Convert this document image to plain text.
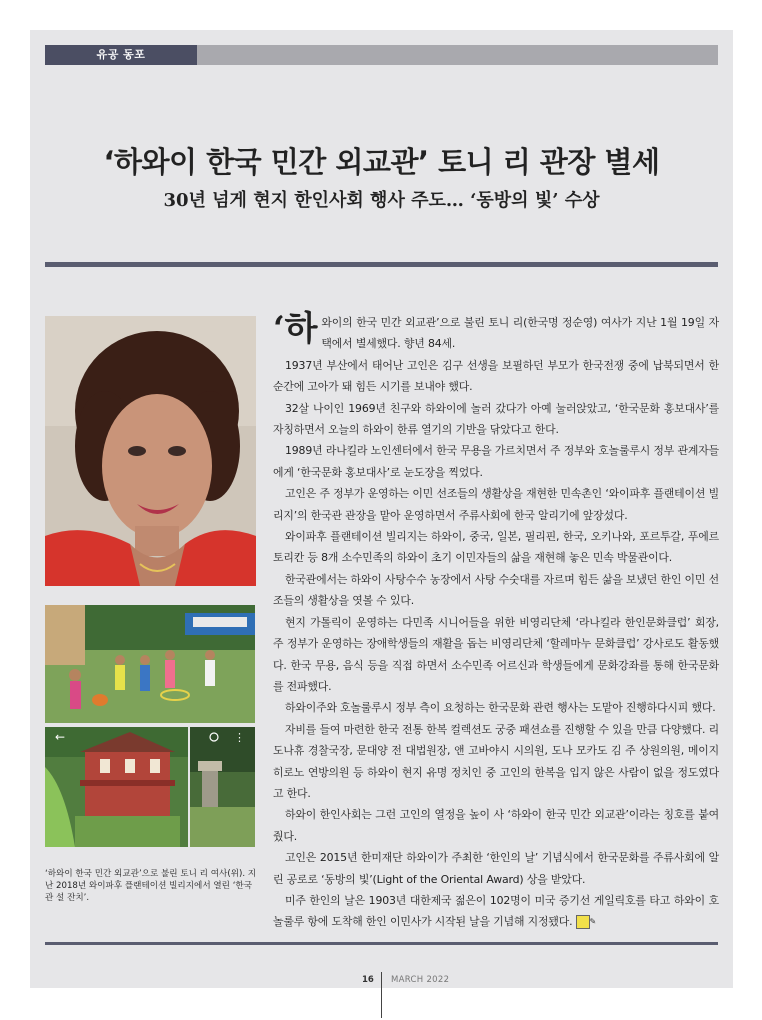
유공 동포
‘하와이 한국 민간 외교관’ 토니 리 관장 별세
30년 넘게 현지 한인사회 행사 주도… ‘동방의 빛’ 수상
←	⋮

‘하와이 한국 민간 외교관’으로 불린 토니 리 여사(위). 지난 2018년 와이파후 플랜테이션 빌리지에서 열린 ‘한국관 설 잔치’.

‘하와이의 한국 민간 외교관’으로 불린 토니 리(한국명 정순영) 여사가 지난 1월 19일 자택에서 별세했다. 향년 84세.

1937년 부산에서 태어난 고인은 김구 선생을 보필하던 부모가 한국전쟁 중에 납북되면서 한순간에 고아가 돼 힘든 시기를 보내야 했다.

32살 나이인 1969년 친구와 하와이에 놀러 갔다가 아예 눌러앉았고, ‘한국문화 홍보대사’를 자칭하면서 오늘의 하와이 한류 열기의 기반을 닦았다고 한다.

1989년 라나킬라 노인센터에서 한국 무용을 가르치면서 주 정부와 호놀룰루시 정부 관계자들에게 ‘한국문화 홍보대사’로 눈도장을 찍었다.

고인은 주 정부가 운영하는 이민 선조들의 생활상을 재현한 민속촌인 ‘와이파후 플랜테이션 빌리지’의 한국관 관장을 맡아 운영하면서 주류사회에 한국 알리기에 앞장섰다.

와이파후 플랜테이션 빌리지는 하와이, 중국, 일본, 필리핀, 한국, 오키나와, 포르투갈, 푸에르토리칸 등 8개 소수민족의 하와이 초기 이민자들의 삶을 재현해 놓은 민속 박물관이다.

한국관에서는 하와이 사탕수수 농장에서 사탕 수숫대를 자르며 힘든 삶을 보냈던 한인 이민 선조들의 생활상을 엿볼 수 있다.

현지 가톨릭이 운영하는 다민족 시니어들을 위한 비영리단체 ‘라나킬라 한인문화클럽’ 회장, 주 정부가 운영하는 장애학생들의 재활을 돕는 비영리단체 ‘할레마누 문화클럽’ 강사로도 활동했다. 한국 무용, 음식 등을 직접 하면서 소수민족 어르신과 학생들에게 문화강좌를 통해 한국문화를 전파했다.

하와이주와 호놀룰루시 정부 측이 요청하는 한국문화 관련 행사는 도맡아 진행하다시피 했다.

자비를 들여 마련한 한국 전통 한복 컬렉션도 궁중 패션쇼를 진행할 수 있을 만큼 다양했다. 리 도나휴 경찰국장, 문대양 전 대법원장, 앤 고바야시 시의원, 도나 모카도 김 주 상원의원, 메이지 히로노 연방의원 등 하와이 현지 유명 정치인 중 고인의 한복을 입지 않은 사람이 없을 정도였다고 한다.

하와이 한인사회는 그런 고인의 열정을 높이 사 ‘하와이 한국 민간 외교관’이라는 칭호를 붙여줬다.

고인은 2015년 한미재단 하와이가 주최한 ‘한인의 날’ 기념식에서 한국문화를 주류사회에 알린 공로로 ‘동방의 빛’(Light of the Oriental Award) 상을 받았다.

미주 한인의 날은 1903년 대한제국 젊은이 102명이 미국 증기선 게일릭호를 타고 하와이 호놀룰루 항에 도착해 한인 이민사가 시작된 날을 기념해 지정됐다. ✎

16 MARCH 2022
